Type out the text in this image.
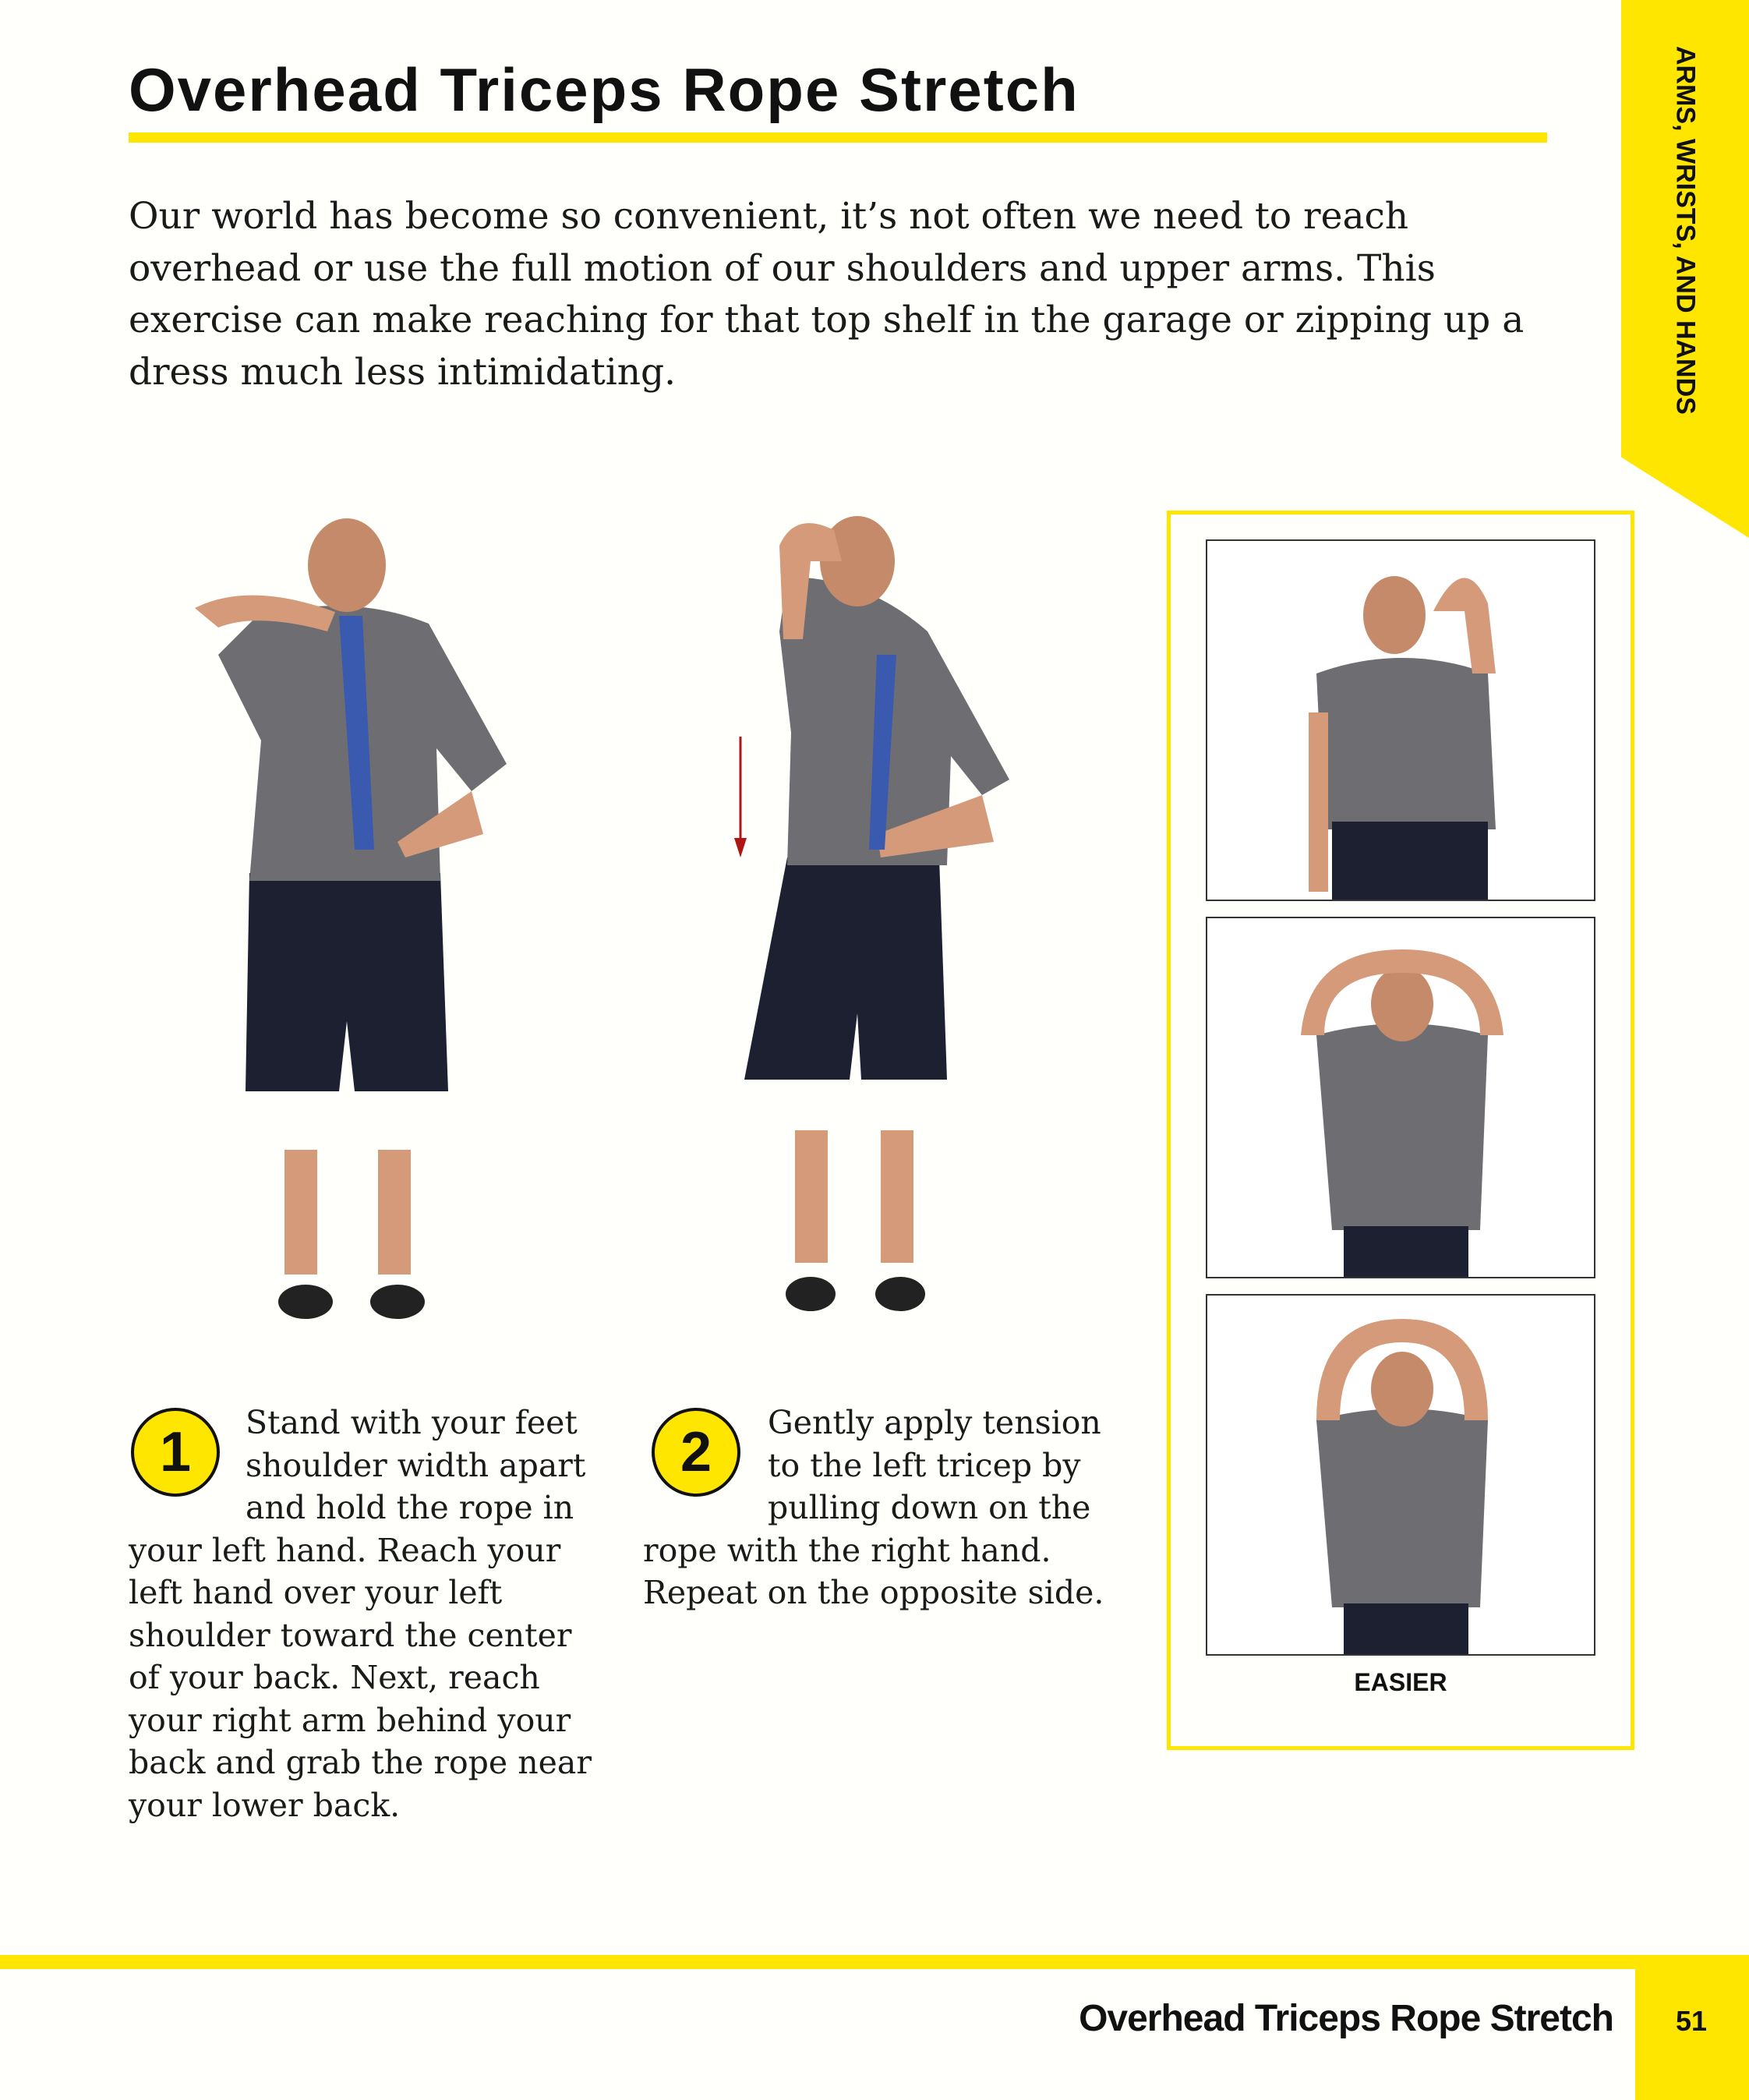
ARMS, WRISTS, AND HANDS
Overhead Triceps Rope Stretch

Our world has become so convenient, it’s not often we need to reach overhead or use the full motion of our shoulders and upper arms. This exercise can make reaching for that top shelf in the garage or zipping up a dress much less intimidating.

EASIER
1	Stand with your feet shoulder width apart and hold the rope in your left hand. Reach your left hand over your left shoulder toward the center of your back. Next, reach your right arm behind your back and grab the rope near your lower back.

2	Gently apply tension to the left tricep by pulling down on the rope with the right hand. Repeat on the opposite side.

Overhead Triceps Rope Stretch	51
